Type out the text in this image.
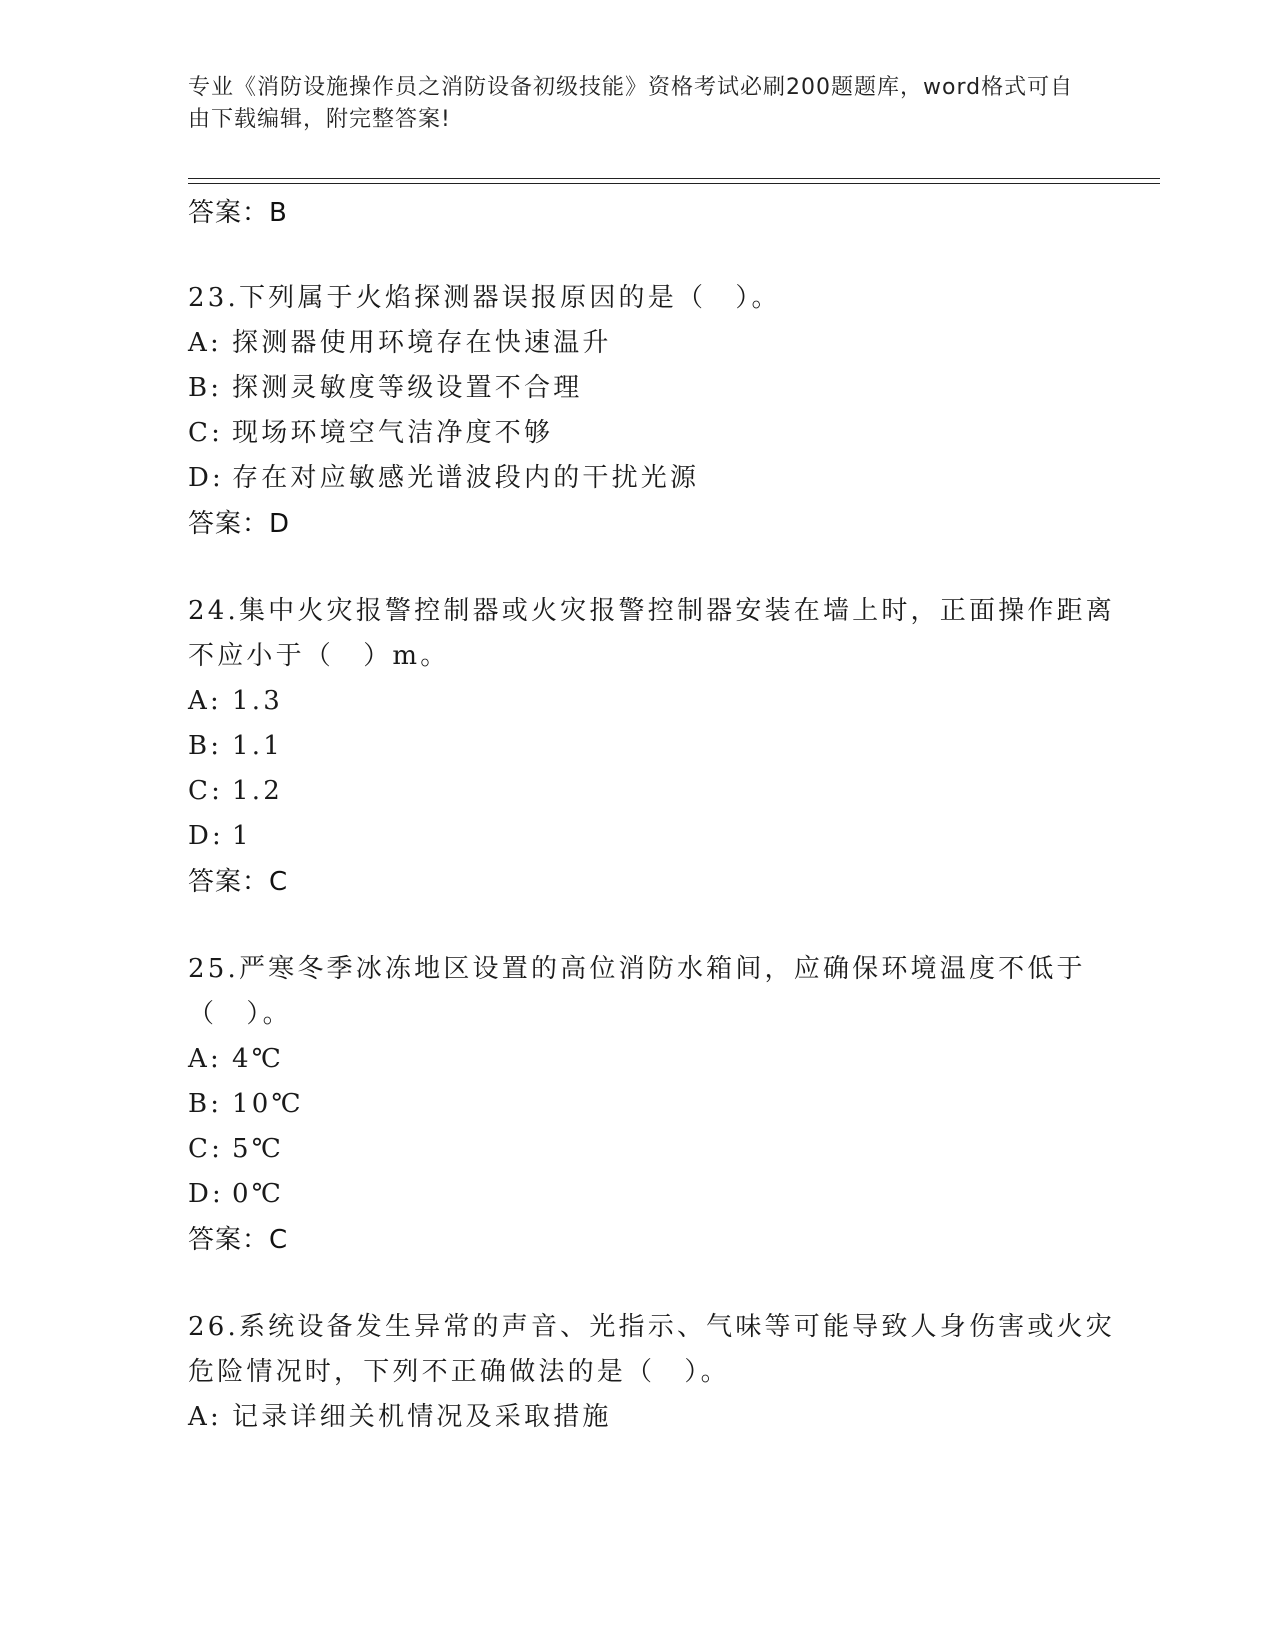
专业《消防设施操作员之消防设备初级技能》资格考试必刷200题题库，word格式可自由下载编辑，附完整答案!
答案：B
23.下列属于火焰探测器误报原因的是（　）。
A: 探测器使用环境存在快速温升
B: 探测灵敏度等级设置不合理
C: 现场环境空气洁净度不够
D: 存在对应敏感光谱波段内的干扰光源
答案：D
24.集中火灾报警控制器或火灾报警控制器安装在墙上时，正面操作距离不应小于（　）m。
A: 1.3
B: 1.1
C: 1.2
D: 1
答案：C
25.严寒冬季冰冻地区设置的高位消防水箱间，应确保环境温度不低于（　）。
A: 4℃
B: 10℃
C: 5℃
D: 0℃
答案：C
26.系统设备发生异常的声音、光指示、气味等可能导致人身伤害或火灾危险情况时，下列不正确做法的是（　）。
A: 记录详细关机情况及采取措施
